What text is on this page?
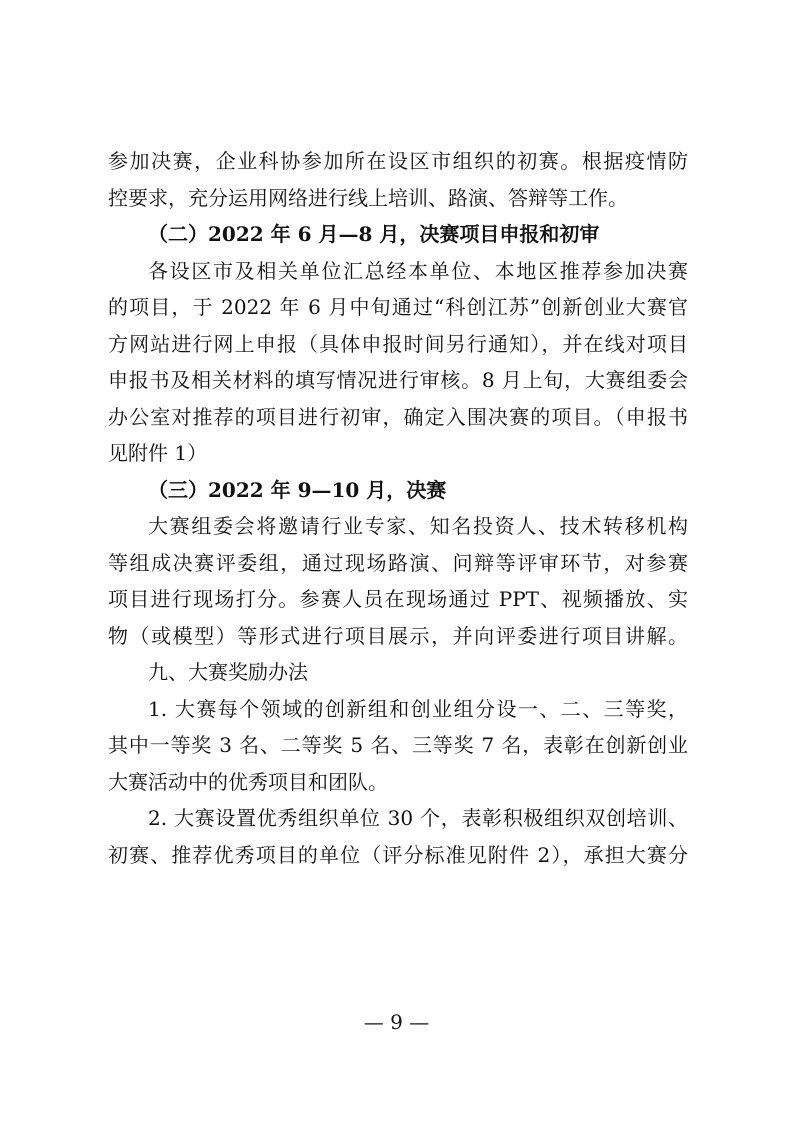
参加决赛，企业科协参加所在设区市组织的初赛。根据疫情防
控要求，充分运用网络进行线上培训、路演、答辩等工作。
（二）2022 年 6 月—8 月，决赛项目申报和初审
各设区市及相关单位汇总经本单位、本地区推荐参加决赛
的项目，于 2022 年 6 月中旬通过“科创江苏”创新创业大赛官
方网站进行网上申报（具体申报时间另行通知），并在线对项目
申报书及相关材料的填写情况进行审核。8 月上旬，大赛组委会
办公室对推荐的项目进行初审，确定入围决赛的项目。（申报书
见附件 1）
（三）2022 年 9—10 月，决赛
大赛组委会将邀请行业专家、知名投资人、技术转移机构
等组成决赛评委组，通过现场路演、问辩等评审环节，对参赛
项目进行现场打分。参赛人员在现场通过 PPT、视频播放、实
物（或模型）等形式进行项目展示，并向评委进行项目讲解。
九、大赛奖励办法
1. 大赛每个领域的创新组和创业组分设一、二、三等奖，
其中一等奖 3 名、二等奖 5 名、三等奖 7 名，表彰在创新创业
大赛活动中的优秀项目和团队。
2. 大赛设置优秀组织单位 30 个，表彰积极组织双创培训、
初赛、推荐优秀项目的单位（评分标准见附件 2），承担大赛分
— 9 —
